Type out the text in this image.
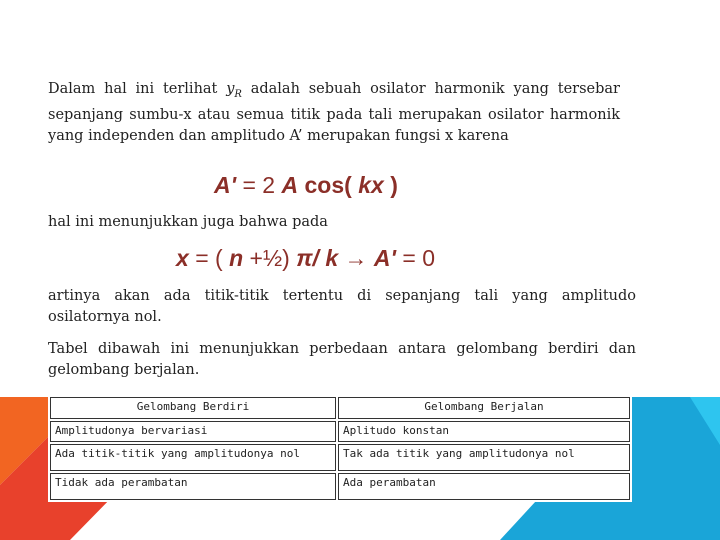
Dalam hal ini terlihat $y_R$ adalah sebuah osilator harmonik yang tersebar sepanjang sumbu-x atau semua titik pada tali merupakan osilator harmonik yang independen dan amplitudo A’ merupakan fungsi x karena

A' = 2 A cos( kx )

hal ini menunjukkan juga bahwa pada

x = ( n +½) π/ k → A' = 0

artinya akan ada titik-titik tertentu di sepanjang tali yang amplitudo osilatornya nol.

Tabel dibawah ini menunjukkan perbedaan antara gelombang berdiri dan gelombang berjalan.

Gelombang Berdiri	Gelombang Berjalan
Amplitudonya bervariasi	Aplitudo konstan
Ada titik-titik yang amplitudonya nol	Tak ada titik yang amplitudonya nol
Tidak ada perambatan	Ada perambatan
